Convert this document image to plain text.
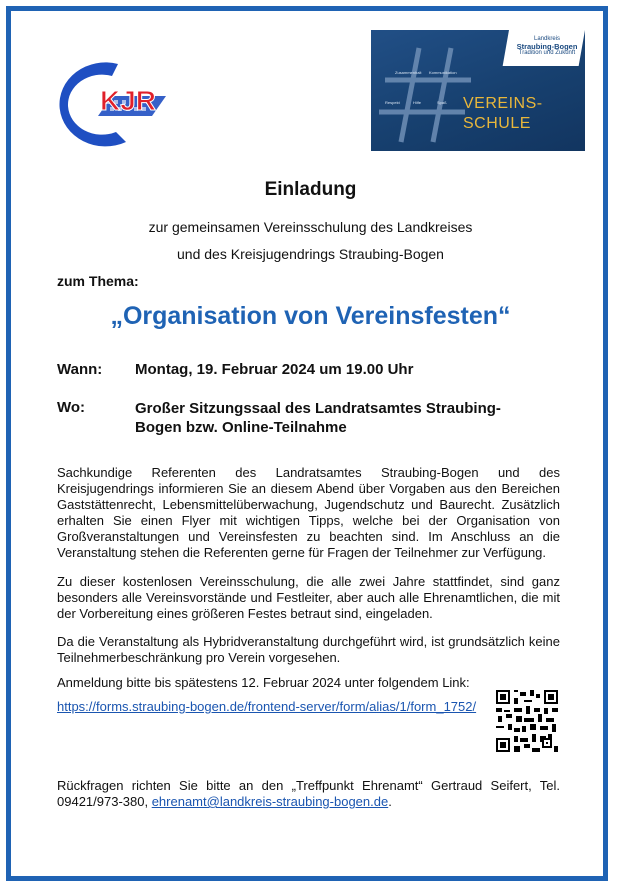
KJR
Zusammenhalt Kommunikation
Respekt	Hilfe	Spaß
Landkreis
Straubing-Bogen
Tradition und Zukunft
VEREINS-
SCHULE
Einladung
zur gemeinsamen Vereinsschulung des Landkreises
und des Kreisjugendrings Straubing-Bogen
zum Thema:
„Organisation von Vereinsfesten“
Wann: Montag, 19. Februar 2024 um 19.00 Uhr
Wo:	Großer Sitzungssaal des Landratsamtes Straubing-Bogen bzw. Online-Teilnahme
Sachkundige Referenten des Landratsamtes Straubing-Bogen und des Kreisjugendrings informieren Sie an diesem Abend über Vorgaben aus den Bereichen Gaststättenrecht, Lebensmittelüberwachung, Jugendschutz und Baurecht. Zusätzlich erhalten Sie einen Flyer mit wichtigen Tipps, welche bei der Organisation von Großveranstaltungen und Vereinsfesten zu beachten sind. Im Anschluss an die Veranstaltung stehen die Referenten gerne für Fragen der Teilnehmer zur Verfügung.
Zu dieser kostenlosen Vereinsschulung, die alle zwei Jahre stattfindet, sind ganz besonders alle Vereinsvorstände und Festleiter, aber auch alle Ehrenamtlichen, die mit der Vorbereitung eines größeren Festes betraut sind, eingeladen.
Da die Veranstaltung als Hybridveranstaltung durchgeführt wird, ist grundsätzlich keine Teilnehmerbeschränkung pro Verein vorgesehen.
Anmeldung bitte bis spätestens 12. Februar 2024 unter folgendem Link:
https://forms.straubing-bogen.de/frontend-server/form/alias/1/form_1752/
Rückfragen richten Sie bitte an den „Treffpunkt Ehrenamt“ Gertraud Seifert, Tel. 09421/973-380, ehrenamt@landkreis-straubing-bogen.de.
